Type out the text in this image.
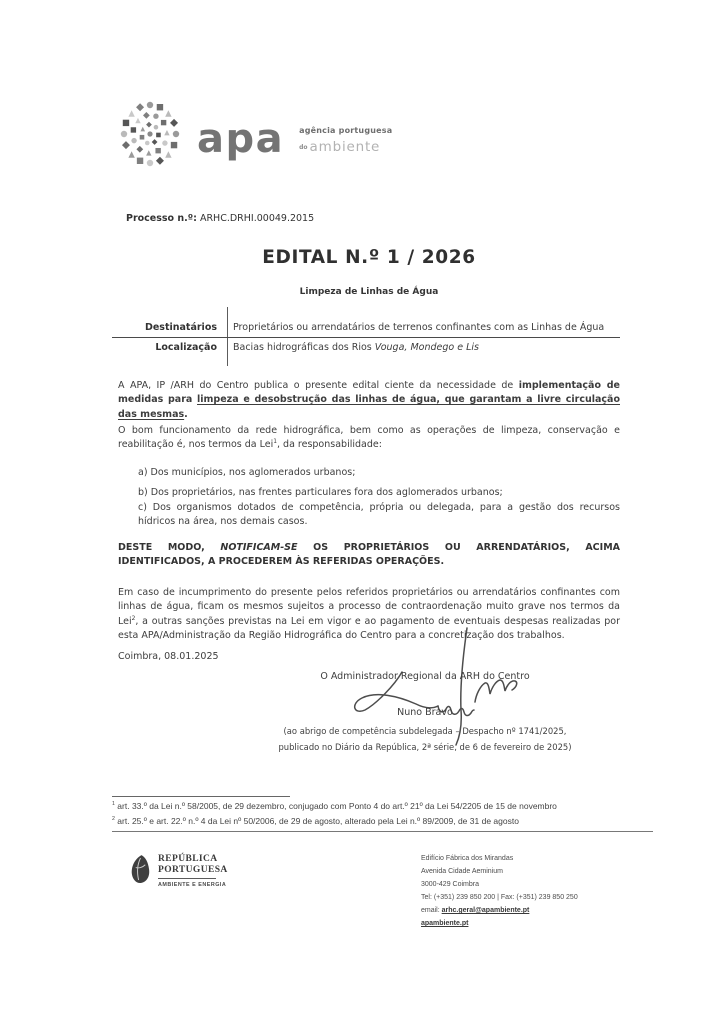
apa agência portuguesa
do ambiente
Processo n.º: ARHC.DRHI.00049.2015
EDITAL N.º 1 / 2026
Limpeza de Linhas de Água
Destinatários	Proprietários ou arrendatários de terrenos confinantes com as Linhas de Água
Localização	Bacias hidrográficas dos Rios Vouga, Mondego e Lis
A APA, IP /ARH do Centro publica o presente edital ciente da necessidade de implementação de medidas para limpeza e desobstrução das linhas de água, que garantam a livre circulação das mesmas.
O bom funcionamento da rede hidrográfica, bem como as operações de limpeza, conservação e reabilitação é, nos termos da Lei$^1$, da responsabilidade:
a) Dos municípios, nos aglomerados urbanos;
b) Dos proprietários, nas frentes particulares fora dos aglomerados urbanos;
c) Dos organismos dotados de competência, própria ou delegada, para a gestão dos recursos hídricos na área, nos demais casos.
DESTE MODO, NOTIFICAM-SE OS PROPRIETÁRIOS OU ARRENDATÁRIOS, ACIMA IDENTIFICADOS, A PROCEDEREM ÀS REFERIDAS OPERAÇÕES.
Em caso de incumprimento do presente pelos referidos proprietários ou arrendatários confinantes com linhas de água, ficam os mesmos sujeitos a processo de contraordenação muito grave nos termos da Lei$^2$, a outras sanções previstas na Lei em vigor e ao pagamento de eventuais despesas realizadas por esta APA/Administração da Região Hidrográfica do Centro para a concretização dos trabalhos.
Coimbra, 08.01.2025
O Administrador Regional da ARH do Centro
Nuno Bravo
(ao abrigo de competência subdelegada – Despacho nº 1741/2025,
publicado no Diário da República, 2ª série, de 6 de fevereiro de 2025)
$^1$ art. 33.º da Lei n.º 58/2005, de 29 dezembro, conjugado com Ponto 4 do art.º 21º da Lei 54/2205 de 15 de novembro
$^2$ art. 25.º e art. 22.º n.º 4 da Lei nº 50/2006, de 29 de agosto, alterado pela Lei n.º 89/2009, de 31 de agosto
REPÚBLICA
PORTUGUESA
AMBIENTE E ENERGIA
Edifício Fábrica dos Mirandas
Avenida Cidade Aeminium
3000-429 Coimbra
Tel: (+351) 239 850 200 | Fax: (+351) 239 850 250
email: arhc.geral@apambiente.pt
apambiente.pt
